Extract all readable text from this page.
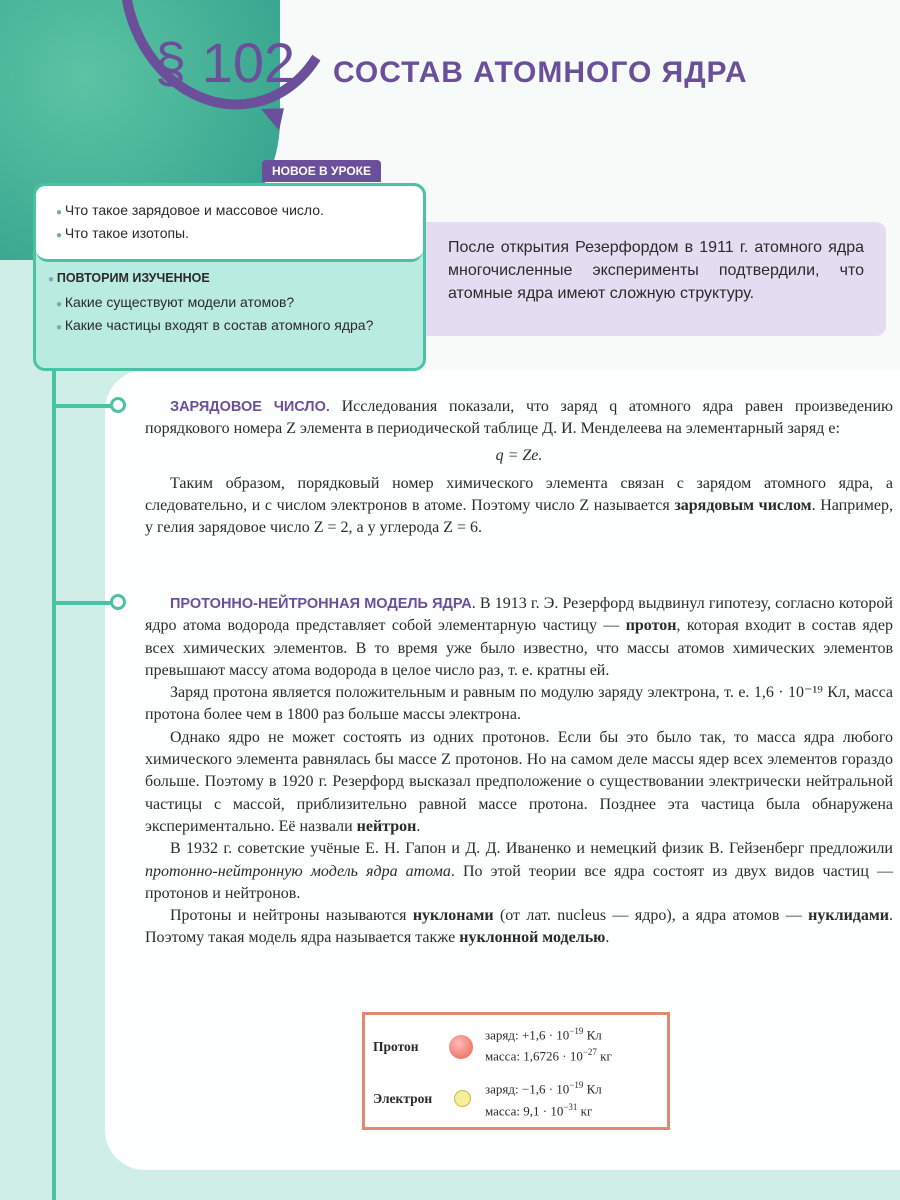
§ 102 СОСТАВ АТОМНОГО ЯДРА
НОВОЕ В УРОКЕ
● Что такое зарядовое и массовое число.
● Что такое изотопы.
● ПОВТОРИМ ИЗУЧЕННОЕ
● Какие существуют модели атомов?
● Какие частицы входят в состав атомного ядра?
После открытия Резерфордом в 1911 г. атомного ядра многочисленные эксперименты подтвердили, что атомные ядра имеют сложную структуру.

ЗАРЯДОВОЕ ЧИСЛО. Исследования показали, что заряд q атомного ядра равен произведению порядкового номера Z элемента в периодической таблице Д. И. Менделеева на элементарный заряд e:

q = Ze.

Таким образом, порядковый номер химического элемента связан с зарядом атомного ядра, а следовательно, и с числом электронов в атоме. Поэтому число Z называется зарядовым числом. Например, у гелия зарядовое число Z = 2, а у углерода Z = 6.

ПРОТОННО-НЕЙТРОННАЯ МОДЕЛЬ ЯДРА. В 1913 г. Э. Резерфорд выдвинул гипотезу, согласно которой ядро атома водорода представляет собой элементарную частицу — протон, которая входит в состав ядер всех химических элементов. В то время уже было известно, что массы атомов химических элементов превышают массу атома водорода в целое число раз, т. е. кратны ей.

Заряд протона является положительным и равным по модулю заряду электрона, т. е. 1,6 · 10⁻¹⁹ Кл, масса протона более чем в 1800 раз больше массы электрона.

Однако ядро не может состоять из одних протонов. Если бы это было так, то масса ядра любого химического элемента равнялась бы массе Z протонов. Но на самом деле массы ядер всех элементов гораздо больше. Поэтому в 1920 г. Резерфорд высказал предположение о существовании электрически нейтральной частицы с массой, приблизительно равной массе протона. Позднее эта частица была обнаружена экспериментально. Её назвали нейтрон.

В 1932 г. советские учёные Е. Н. Гапон и Д. Д. Иваненко и немецкий физик В. Гейзенберг предложили протонно-нейтронную модель ядра атома. По этой теории все ядра состоят из двух видов частиц — протонов и нейтронов.

Протоны и нейтроны называются нуклонами (от лат. nucleus — ядро), а ядра атомов — нуклидами. Поэтому такая модель ядра называется также нуклонной моделью.

Протон
заряд: $+1,6 \cdot 10^{-19}$ Кл
масса: $1,6726 \cdot 10^{-27}$ кг
Электрон
заряд: $-1,6 \cdot 10^{-19}$ Кл
масса: $9,1 \cdot 10^{-31}$ кг
